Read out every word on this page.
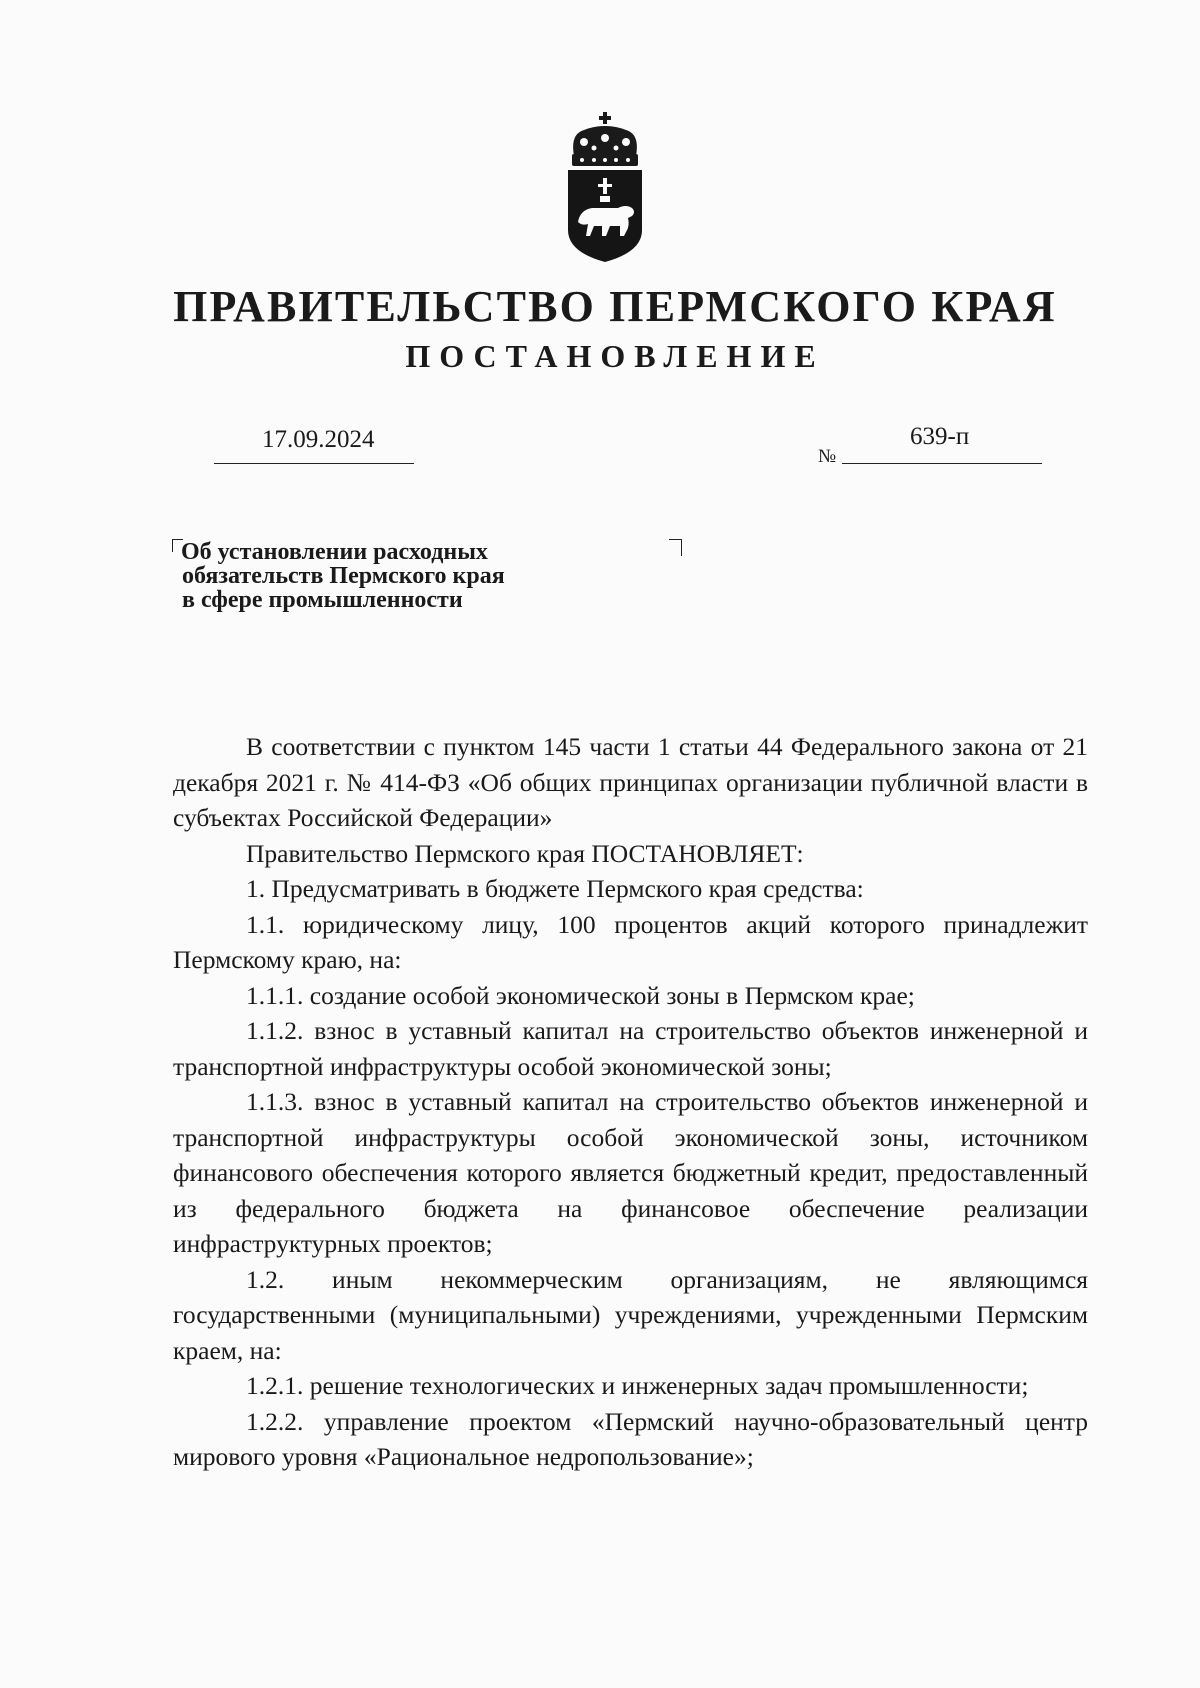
ПРАВИТЕЛЬСТВО ПЕРМСКОГО КРАЯ
ПОСТАНОВЛЕНИЕ
17.09.2024
№
639-п
Об установлении расходных
обязательств Пермского края
в сфере промышленности

В соответствии с пунктом 145 части 1 статьи 44 Федерального закона от 21 декабря 2021 г. № 414-ФЗ «Об общих принципах организации публичной власти в субъектах Российской Федерации»

Правительство Пермского края ПОСТАНОВЛЯЕТ:

1. Предусматривать в бюджете Пермского края средства:

1.1. юридическому лицу, 100 процентов акций которого принадлежит Пермскому краю, на:

1.1.1. создание особой экономической зоны в Пермском крае;

1.1.2. взнос в уставный капитал на строительство объектов инженерной и транспортной инфраструктуры особой экономической зоны;

1.1.3. взнос в уставный капитал на строительство объектов инженерной и транспортной инфраструктуры особой экономической зоны, источником финансового обеспечения которого является бюджетный кредит, предоставленный из федерального бюджета на финансовое обеспечение реализации инфраструктурных проектов;

1.2. иным некоммерческим организациям, не являющимся государственными (муниципальными) учреждениями, учрежденными Пермским краем, на:

1.2.1. решение технологических и инженерных задач промышленности;

1.2.2. управление проектом «Пермский научно-образовательный центр мирового уровня «Рациональное недропользование»;
